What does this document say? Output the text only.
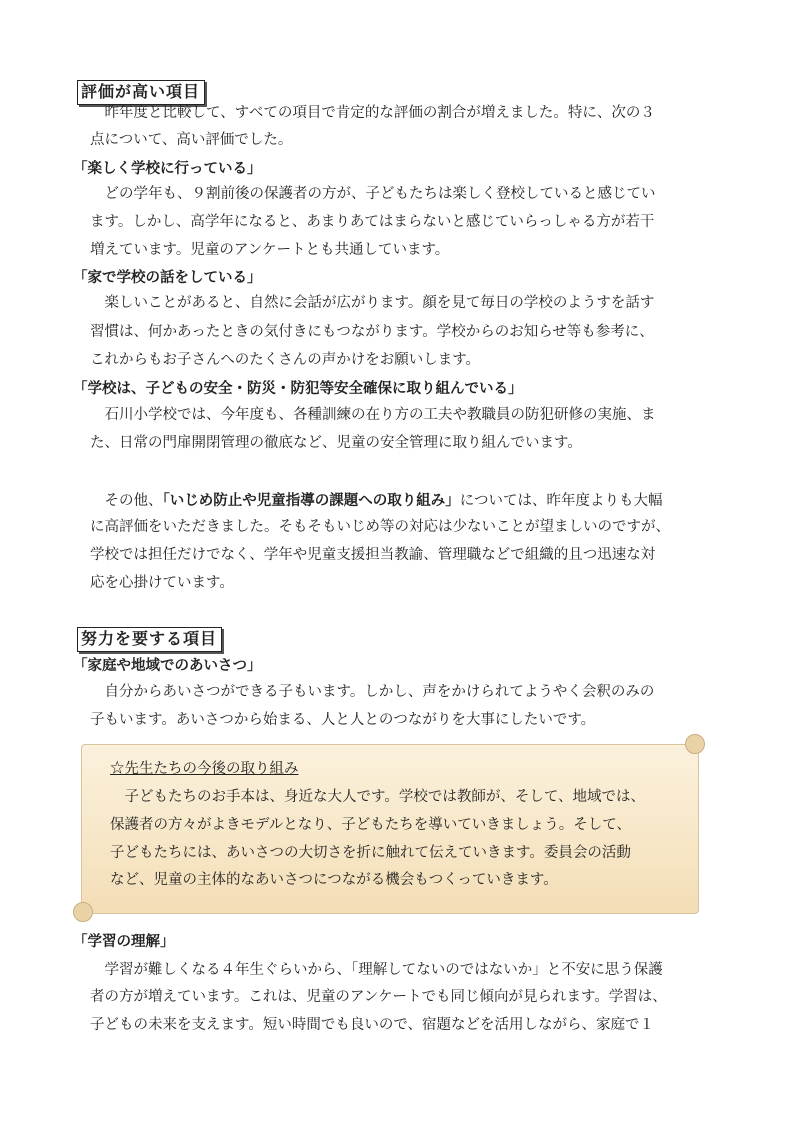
評価が高い項目
　昨年度と比較して、すべての項目で肯定的な評価の割合が増えました。特に、次の３
点について、高い評価でした。
「楽しく学校に行っている」
　どの学年も、９割前後の保護者の方が、子どもたちは楽しく登校していると感じてい
ます。しかし、高学年になると、あまりあてはまらないと感じていらっしゃる方が若干
増えています。児童のアンケートとも共通しています。
「家で学校の話をしている」
　楽しいことがあると、自然に会話が広がります。顔を見て毎日の学校のようすを話す
習慣は、何かあったときの気付きにもつながります。学校からのお知らせ等も参考に、
これからもお子さんへのたくさんの声かけをお願いします。
「学校は、子どもの安全・防災・防犯等安全確保に取り組んでいる」
　石川小学校では、今年度も、各種訓練の在り方の工夫や教職員の防犯研修の実施、ま
た、日常の門扉開閉管理の徹底など、児童の安全管理に取り組んでいます。
　その他、「いじめ防止や児童指導の課題への取り組み」については、昨年度よりも大幅
に高評価をいただきました。そもそもいじめ等の対応は少ないことが望ましいのですが、
学校では担任だけでなく、学年や児童支援担当教諭、管理職などで組織的且つ迅速な対
応を心掛けています。
努力を要する項目
「家庭や地域でのあいさつ」
　自分からあいさつができる子もいます。しかし、声をかけられてようやく会釈のみの
子もいます。あいさつから始まる、人と人とのつながりを大事にしたいです。
☆先生たちの今後の取り組み
　子どもたちのお手本は、身近な大人です。学校では教師が、そして、地域では、
保護者の方々がよきモデルとなり、子どもたちを導いていきましょう。そして、
子どもたちには、あいさつの大切さを折に触れて伝えていきます。委員会の活動
など、児童の主体的なあいさつにつながる機会もつくっていきます。
「学習の理解」
　学習が難しくなる４年生ぐらいから、「理解してないのではないか」と不安に思う保護
者の方が増えています。これは、児童のアンケートでも同じ傾向が見られます。学習は、
子どもの未来を支えます。短い時間でも良いので、宿題などを活用しながら、家庭で１
